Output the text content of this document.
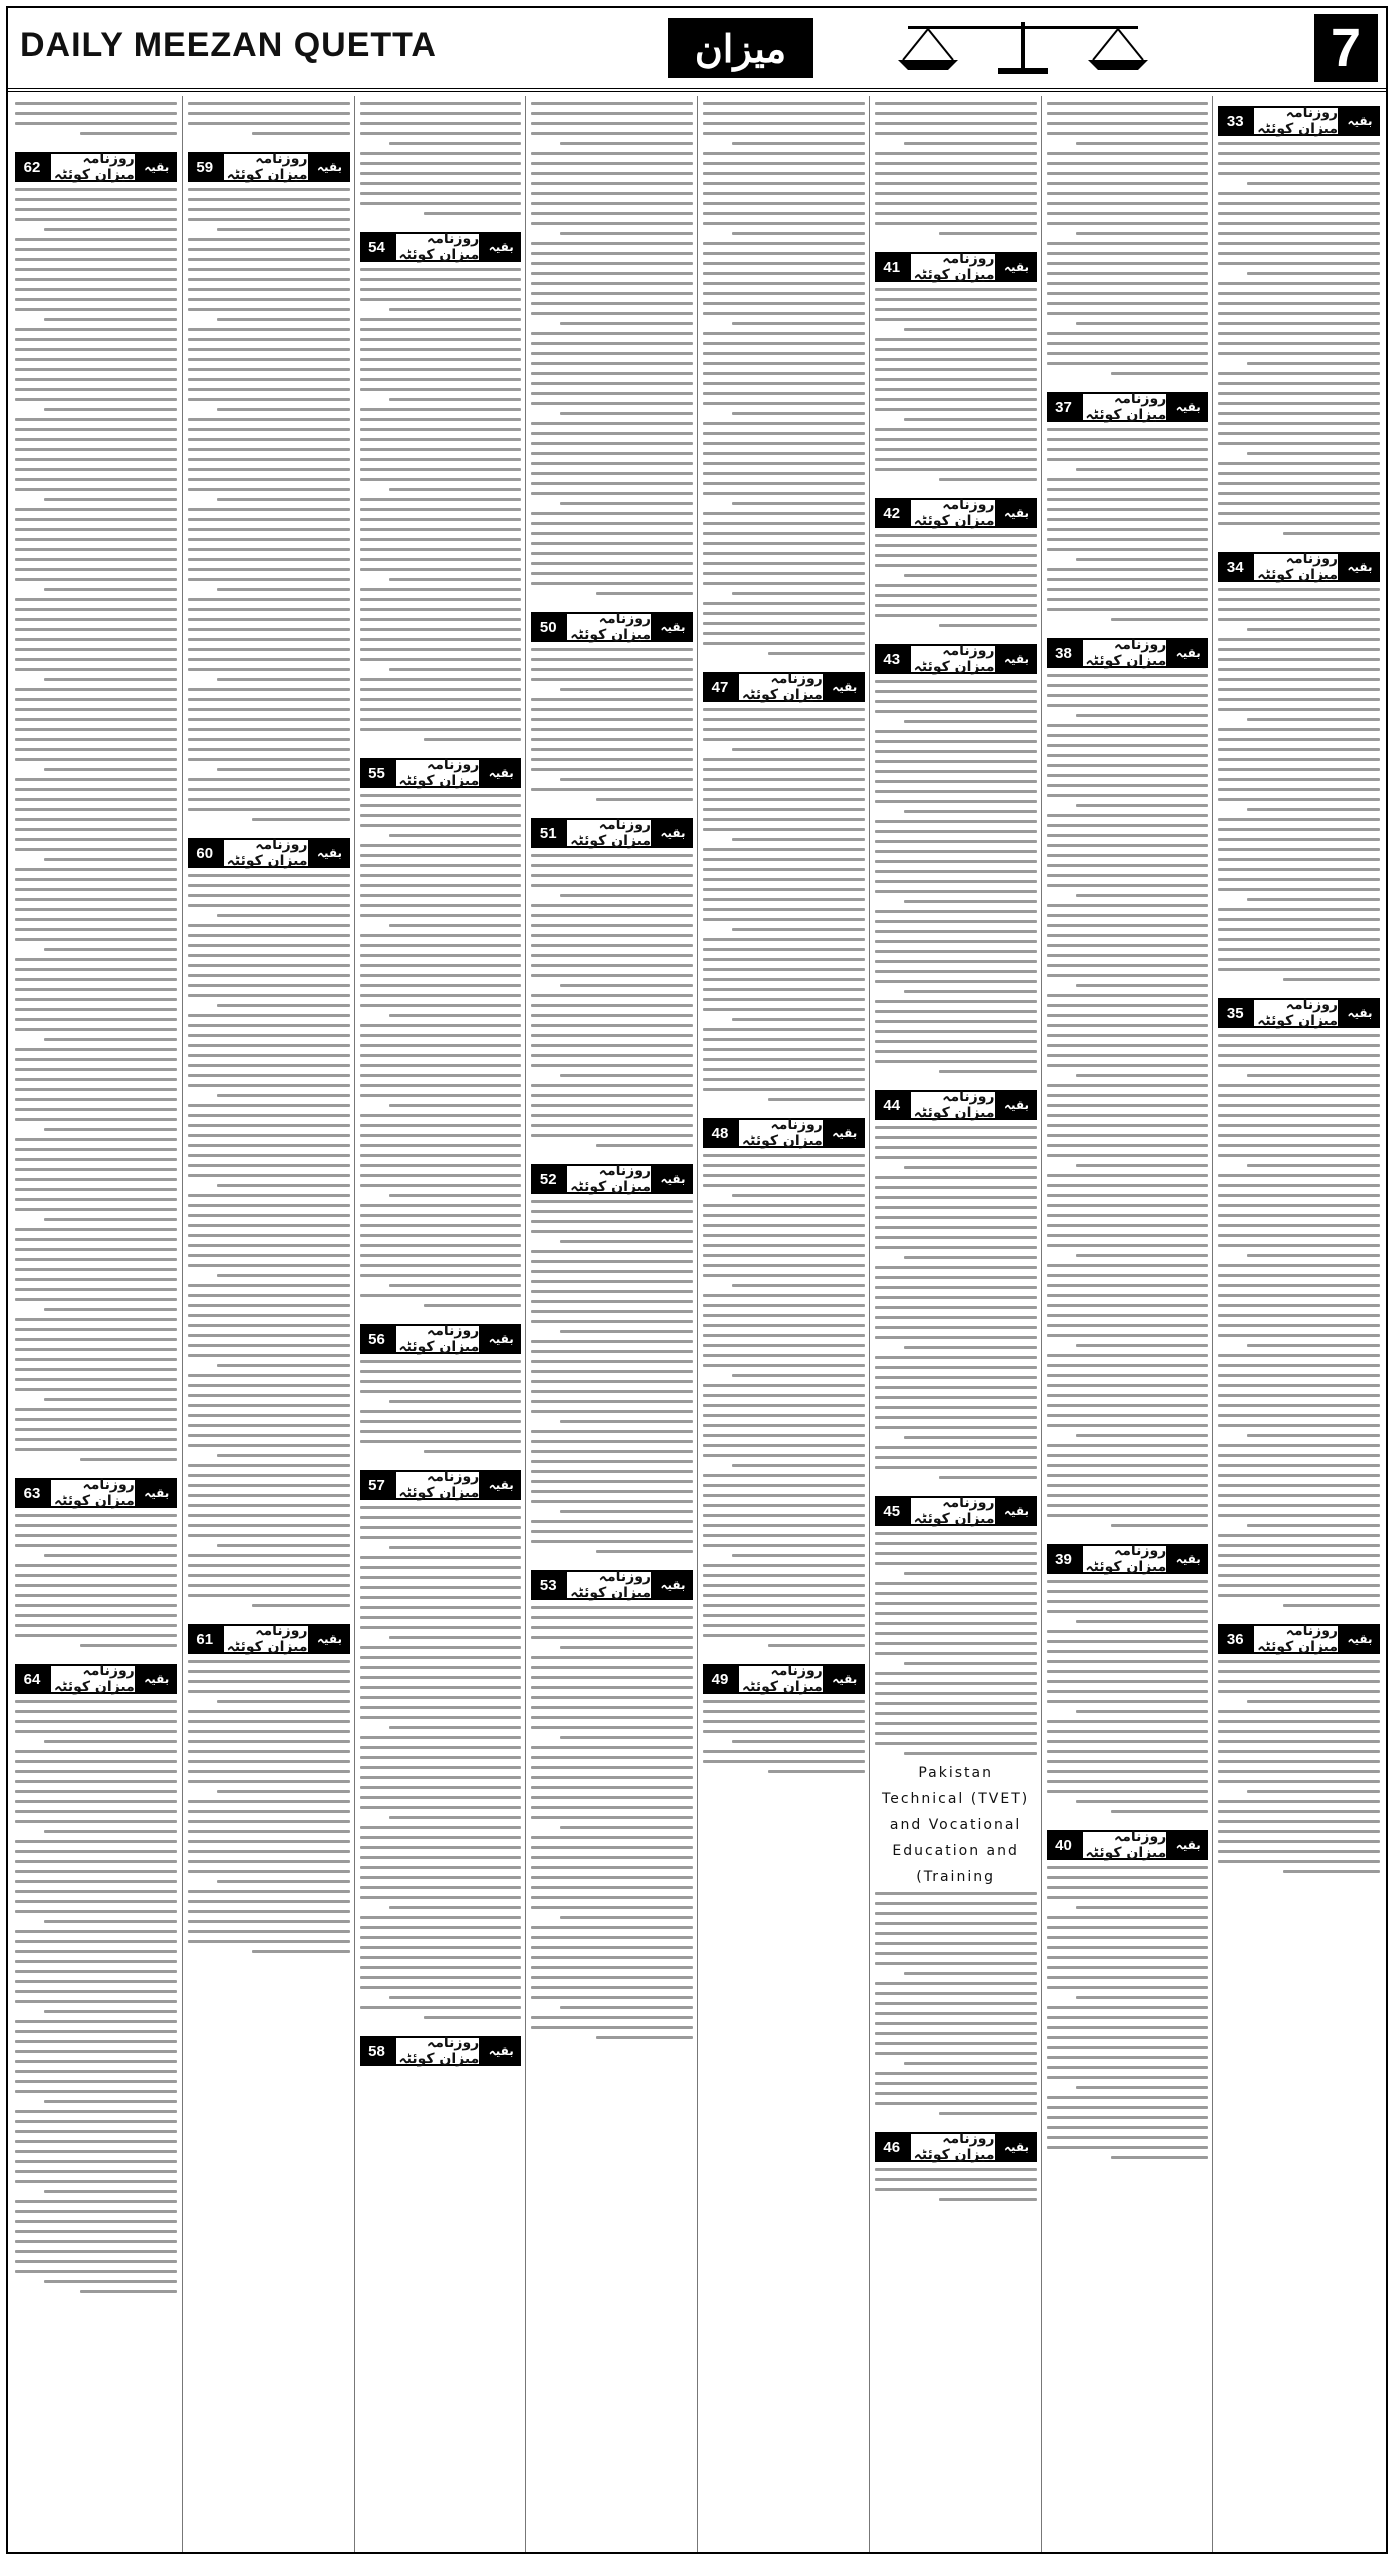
DAILY MEEZAN QUETTA	میزان	7
بقیہ
روزنامہ میزان کوئٹہ
33
بقیہ
روزنامہ میزان کوئٹہ
34
بقیہ
روزنامہ میزان کوئٹہ
35
بقیہ
روزنامہ میزان کوئٹہ
36
بقیہ
روزنامہ میزان کوئٹہ
37
بقیہ
روزنامہ میزان کوئٹہ
38
بقیہ
روزنامہ میزان کوئٹہ
39
بقیہ
روزنامہ میزان کوئٹہ
40
بقیہ
روزنامہ میزان کوئٹہ
41
بقیہ
روزنامہ میزان کوئٹہ
42
بقیہ
روزنامہ میزان کوئٹہ
43
بقیہ
روزنامہ میزان کوئٹہ
44
بقیہ
روزنامہ میزان کوئٹہ
45
Pakistan
Technical (TVET)
and Vocational
Education and
(Training
بقیہ
روزنامہ میزان کوئٹہ
46
بقیہ
روزنامہ میزان کوئٹہ
47
بقیہ
روزنامہ میزان کوئٹہ
48
بقیہ
روزنامہ میزان کوئٹہ
49
بقیہ
روزنامہ میزان کوئٹہ
50
بقیہ
روزنامہ میزان کوئٹہ
51
بقیہ
روزنامہ میزان کوئٹہ
52
بقیہ
روزنامہ میزان کوئٹہ
53
بقیہ
روزنامہ میزان کوئٹہ
54
بقیہ
روزنامہ میزان کوئٹہ
55
بقیہ
روزنامہ میزان کوئٹہ
56
بقیہ
روزنامہ میزان کوئٹہ
57
بقیہ
روزنامہ میزان کوئٹہ
58
بقیہ
روزنامہ میزان کوئٹہ
59
بقیہ
روزنامہ میزان کوئٹہ
60
بقیہ
روزنامہ میزان کوئٹہ
61
بقیہ
روزنامہ میزان کوئٹہ
62
بقیہ
روزنامہ میزان کوئٹہ
63
بقیہ
روزنامہ میزان کوئٹہ
64
